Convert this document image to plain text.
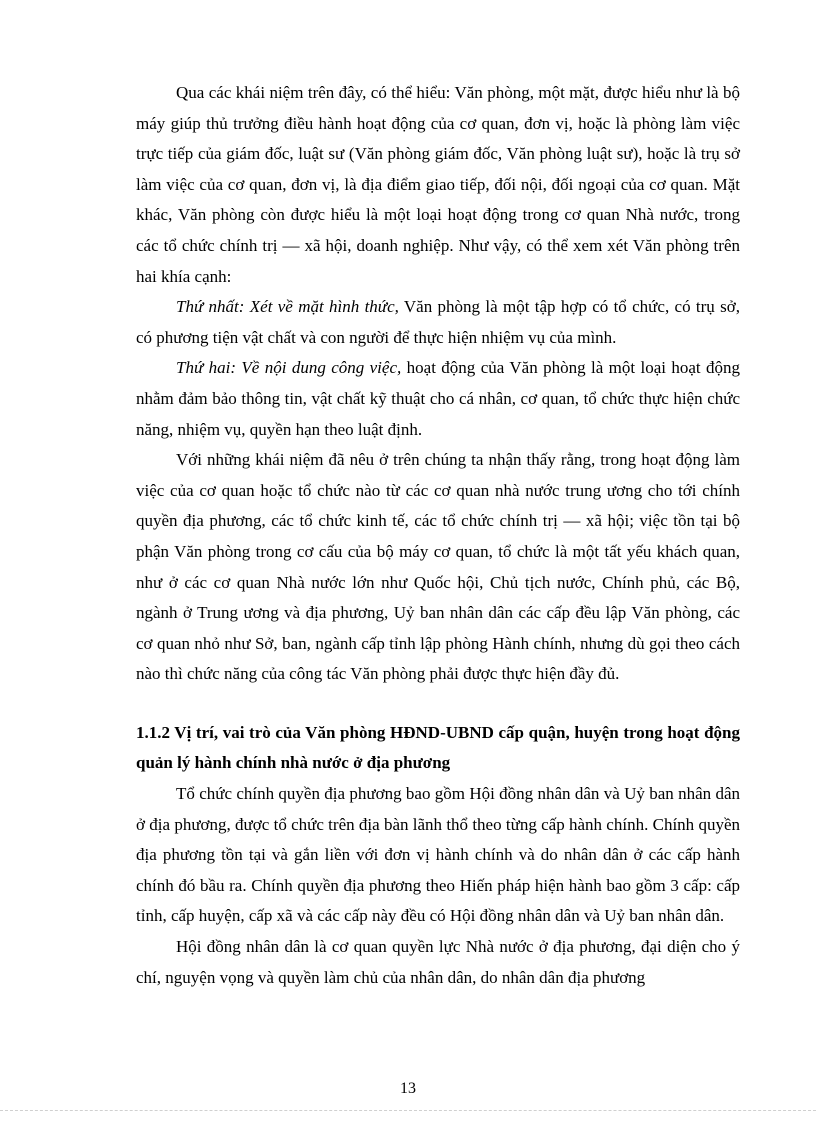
Qua các khái niệm trên đây, có thể hiểu: Văn phòng, một mặt, được hiểu như là bộ máy giúp thủ trưởng điều hành hoạt động của cơ quan, đơn vị, hoặc là phòng làm việc trực tiếp của giám đốc, luật sư (Văn phòng giám đốc, Văn phòng luật sư), hoặc là trụ sở làm việc của cơ quan, đơn vị, là địa điểm giao tiếp, đối nội, đối ngoại của cơ quan. Mặt khác, Văn phòng còn được hiểu là một loại hoạt động trong cơ quan Nhà nước, trong các tổ chức chính trị — xã hội, doanh nghiệp. Như vậy, có thể xem xét Văn phòng trên hai khía cạnh:

Thứ nhất: Xét về mặt hình thức, Văn phòng là một tập hợp có tổ chức, có trụ sở, có phương tiện vật chất và con người để thực hiện nhiệm vụ của mình.

Thứ hai: Về nội dung công việc, hoạt động của Văn phòng là một loại hoạt động nhằm đảm bảo thông tin, vật chất kỹ thuật cho cá nhân, cơ quan, tổ chức thực hiện chức năng, nhiệm vụ, quyền hạn theo luật định.

Với những khái niệm đã nêu ở trên chúng ta nhận thấy rằng, trong hoạt động làm việc của cơ quan hoặc tổ chức nào từ các cơ quan nhà nước trung ương cho tới chính quyền địa phương, các tổ chức kinh tế, các tổ chức chính trị — xã hội; việc tồn tại bộ phận Văn phòng trong cơ cấu của bộ máy cơ quan, tổ chức là một tất yếu khách quan, như ở các cơ quan Nhà nước lớn như Quốc hội, Chủ tịch nước, Chính phủ, các Bộ, ngành ở Trung ương và địa phương, Uỷ ban nhân dân các cấp đều lập Văn phòng, các cơ quan nhỏ như Sở, ban, ngành cấp tỉnh lập phòng Hành chính, nhưng dù gọi theo cách nào thì chức năng của công tác Văn phòng phải được thực hiện đầy đủ.

1.1.2 Vị trí, vai trò của Văn phòng HĐND-UBND cấp quận, huyện trong hoạt động quản lý hành chính nhà nước ở địa phương

Tổ chức chính quyền địa phương bao gồm Hội đồng nhân dân và Uỷ ban nhân dân ở địa phương, được tổ chức trên địa bàn lãnh thổ theo từng cấp hành chính. Chính quyền địa phương tồn tại và gắn liền với đơn vị hành chính và do nhân dân ở các cấp hành chính đó bầu ra. Chính quyền địa phương theo Hiến pháp hiện hành bao gồm 3 cấp: cấp tỉnh, cấp huyện, cấp xã và các cấp này đều có Hội đồng nhân dân và Uỷ ban nhân dân.

Hội đồng nhân dân là cơ quan quyền lực Nhà nước ở địa phương, đại diện cho ý chí, nguyện vọng và quyền làm chủ của nhân dân, do nhân dân địa phương

13
